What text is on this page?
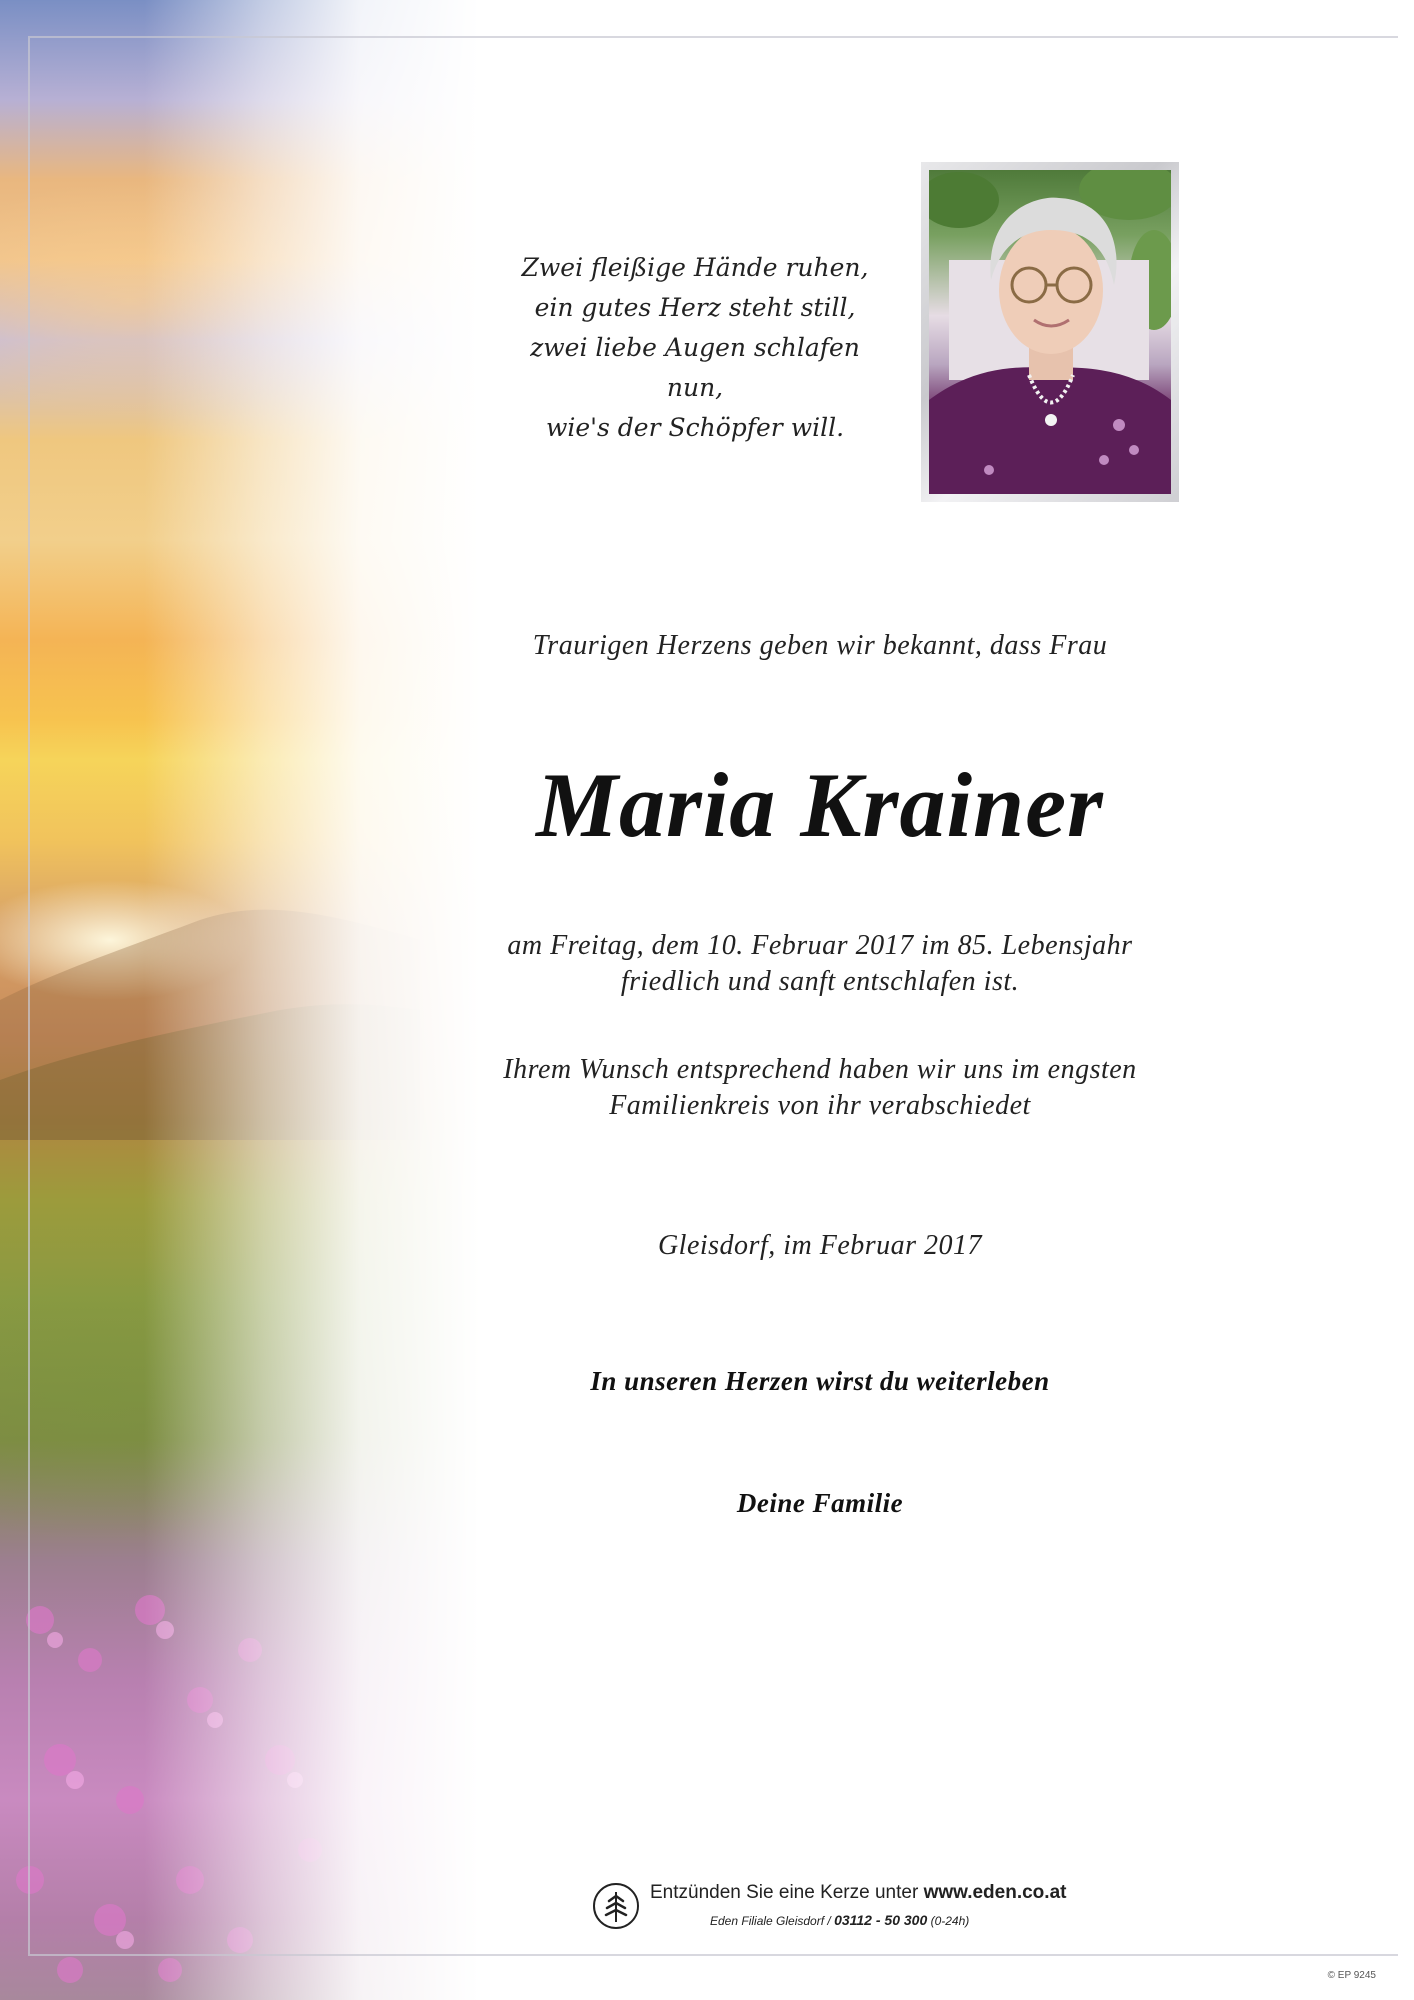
Zwei fleißige Hände ruhen,
ein gutes Herz steht still,
zwei liebe Augen schlafen nun,
wie's der Schöpfer will.
Traurigen Herzens geben wir bekannt, dass Frau
Maria Krainer
am Freitag, dem 10. Februar 2017 im 85. Lebensjahr
friedlich und sanft entschlafen ist.
Ihrem Wunsch entsprechend haben wir uns im engsten
Familienkreis von ihr verabschiedet
Gleisdorf, im Februar 2017
In unseren Herzen wirst du weiterleben
Deine Familie
Entzünden Sie eine Kerze unter www.eden.co.at
Eden Filiale Gleisdorf / 03112 - 50 300 (0-24h)
© EP 9245
